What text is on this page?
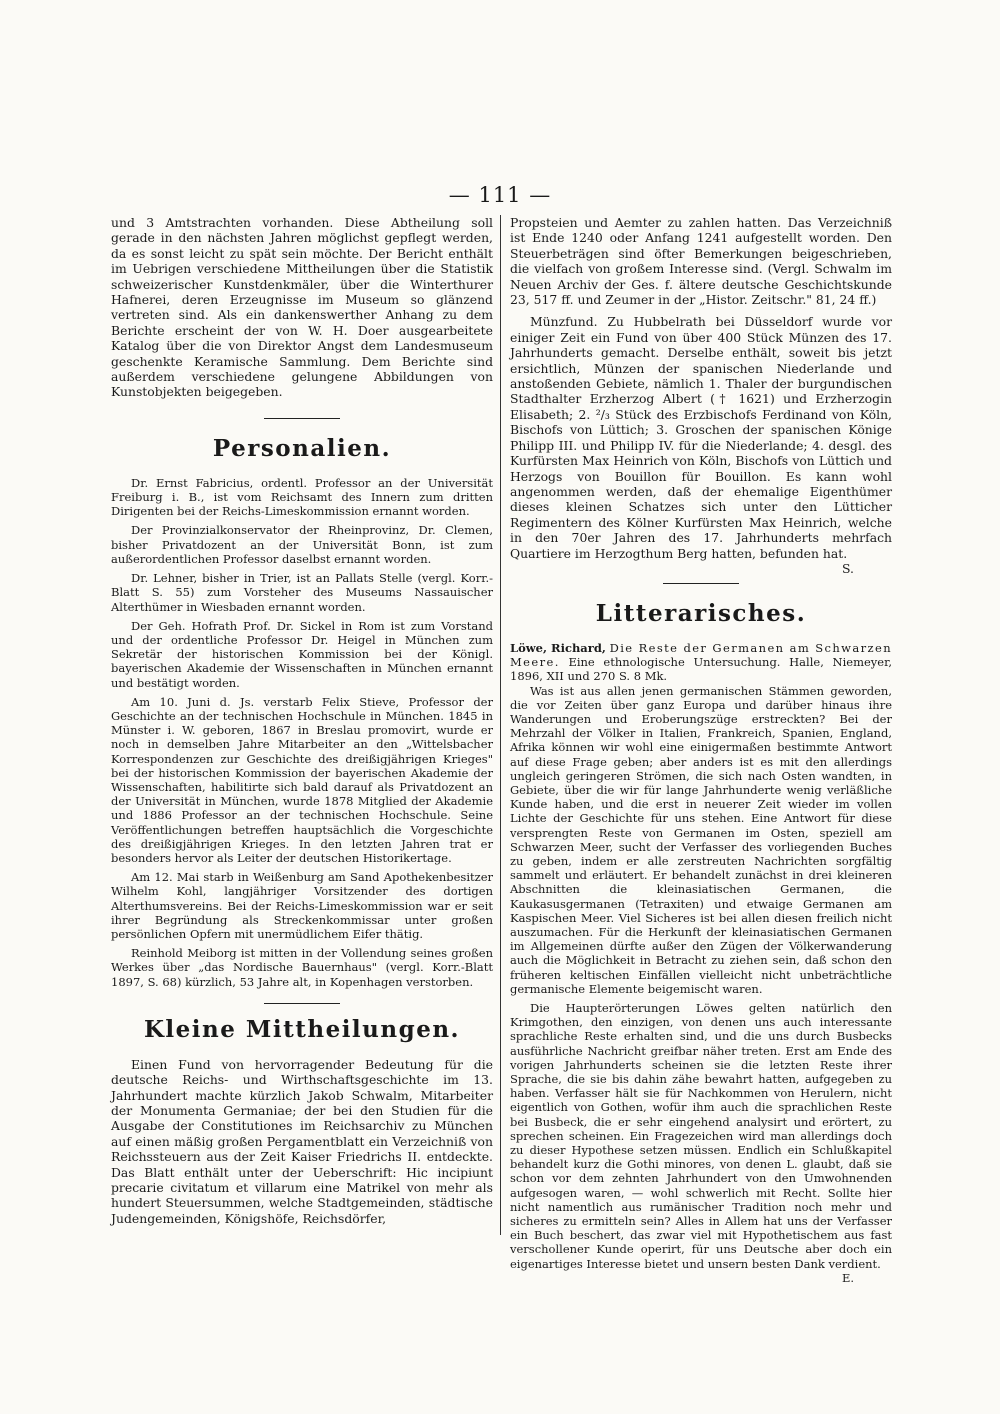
— 111 —

und 3 Amtstrachten vorhanden. Diese Abtheilung soll gerade in den nächsten Jahren möglichst gepflegt werden, da es sonst leicht zu spät sein möchte. Der Bericht enthält im Uebrigen verschiedene Mittheilungen über die Statistik schweizerischer Kunstdenkmäler, über die Winterthurer Hafnerei, deren Erzeugnisse im Museum so glänzend vertreten sind. Als ein dankenswerther Anhang zu dem Berichte erscheint der von W. H. Doer ausgearbeitete Katalog über die von Direktor Angst dem Landesmuseum geschenkte Keramische Sammlung. Dem Berichte sind außerdem verschiedene gelungene Abbildungen von Kunstobjekten beigegeben.

Personalien.

Dr. Ernst Fabricius, ordentl. Professor an der Universität Freiburg i. B., ist vom Reichsamt des Innern zum dritten Dirigenten bei der Reichs-Limeskommission ernannt worden.

Der Provinzialkonservator der Rheinprovinz, Dr. Clemen, bisher Privatdozent an der Universität Bonn, ist zum außerordentlichen Professor daselbst ernannt worden.

Dr. Lehner, bisher in Trier, ist an Pallats Stelle (vergl. Korr.-Blatt S. 55) zum Vorsteher des Museums Nassauischer Alterthümer in Wiesbaden ernannt worden.

Der Geh. Hofrath Prof. Dr. Sickel in Rom ist zum Vorstand und der ordentliche Professor Dr. Heigel in München zum Sekretär der historischen Kommission bei der Königl. bayerischen Akademie der Wissenschaften in München ernannt und bestätigt worden.

Am 10. Juni d. Js. verstarb Felix Stieve, Professor der Geschichte an der technischen Hochschule in München. 1845 in Münster i. W. geboren, 1867 in Breslau promovirt, wurde er noch in demselben Jahre Mitarbeiter an den „Wittelsbacher Korrespondenzen zur Geschichte des dreißigjährigen Krieges" bei der historischen Kommission der bayerischen Akademie der Wissenschaften, habilitirte sich bald darauf als Privatdozent an der Universität in München, wurde 1878 Mitglied der Akademie und 1886 Professor an der technischen Hochschule. Seine Veröffentlichungen betreffen hauptsächlich die Vorgeschichte des dreißigjährigen Krieges. In den letzten Jahren trat er besonders hervor als Leiter der deutschen Historikertage.

Am 12. Mai starb in Weißenburg am Sand Apothekenbesitzer Wilhelm Kohl, langjähriger Vorsitzender des dortigen Alterthumsvereins. Bei der Reichs-Limeskommission war er seit ihrer Begründung als Streckenkommissar unter großen persönlichen Opfern mit unermüdlichem Eifer thätig.

Reinhold Meiborg ist mitten in der Vollendung seines großen Werkes über „das Nordische Bauernhaus" (vergl. Korr.-Blatt 1897, S. 68) kürzlich, 53 Jahre alt, in Kopenhagen verstorben.

Kleine Mittheilungen.

Einen Fund von hervorragender Bedeutung für die deutsche Reichs- und Wirthschaftsgeschichte im 13. Jahrhundert machte kürzlich Jakob Schwalm, Mitarbeiter der Monumenta Germaniae; der bei den Studien für die Ausgabe der Constitutiones im Reichsarchiv zu München auf einen mäßig großen Pergamentblatt ein Verzeichniß von Reichssteuern aus der Zeit Kaiser Friedrichs II. entdeckte. Das Blatt enthält unter der Ueberschrift: Hic incipiunt precarie civitatum et villarum eine Matrikel von mehr als hundert Steuersummen, welche Stadtgemeinden, städtische Judengemeinden, Königshöfe, Reichsdörfer,

Propsteien und Aemter zu zahlen hatten. Das Verzeichniß ist Ende 1240 oder Anfang 1241 aufgestellt worden. Den Steuerbeträgen sind öfter Bemerkungen beigeschrieben, die vielfach von großem Interesse sind. (Vergl. Schwalm im Neuen Archiv der Ges. f. ältere deutsche Geschichtskunde 23, 517 ff. und Zeumer in der „Histor. Zeitschr." 81, 24 ff.)

Münzfund. Zu Hubbelrath bei Düsseldorf wurde vor einiger Zeit ein Fund von über 400 Stück Münzen des 17. Jahrhunderts gemacht. Derselbe enthält, soweit bis jetzt ersichtlich, Münzen der spanischen Niederlande und anstoßenden Gebiete, nämlich 1. Thaler der burgundischen Stadthalter Erzherzog Albert († 1621) und Erzherzogin Elisabeth; 2. ²/₃ Stück des Erzbischofs Ferdinand von Köln, Bischofs von Lüttich; 3. Groschen der spanischen Könige Philipp III. und Philipp IV. für die Niederlande; 4. desgl. des Kurfürsten Max Heinrich von Köln, Bischofs von Lüttich und Herzogs von Bouillon für Bouillon. Es kann wohl angenommen werden, daß der ehemalige Eigenthümer dieses kleinen Schatzes sich unter den Lütticher Regimentern des Kölner Kurfürsten Max Heinrich, welche in den 70er Jahren des 17. Jahrhunderts mehrfach Quartiere im Herzogthum Berg hatten, befunden hat.
S.

Litterarisches.

Löwe, Richard, Die Reste der Germanen am Schwarzen Meere. Eine ethnologische Untersuchung. Halle, Niemeyer, 1896, XII und 270 S. 8 Mk.

Was ist aus allen jenen germanischen Stämmen geworden, die vor Zeiten über ganz Europa und darüber hinaus ihre Wanderungen und Eroberungszüge erstreckten? Bei der Mehrzahl der Völker in Italien, Frankreich, Spanien, England, Afrika können wir wohl eine einigermaßen bestimmte Antwort auf diese Frage geben; aber anders ist es mit den allerdings ungleich geringeren Strömen, die sich nach Osten wandten, in Gebiete, über die wir für lange Jahrhunderte wenig verläßliche Kunde haben, und die erst in neuerer Zeit wieder im vollen Lichte der Geschichte für uns stehen. Eine Antwort für diese versprengten Reste von Germanen im Osten, speziell am Schwarzen Meer, sucht der Verfasser des vorliegenden Buches zu geben, indem er alle zerstreuten Nachrichten sorgfältig sammelt und erläutert. Er behandelt zunächst in drei kleineren Abschnitten die kleinasiatischen Germanen, die Kaukasusgermanen (Tetraxiten) und etwaige Germanen am Kaspischen Meer. Viel Sicheres ist bei allen diesen freilich nicht auszumachen. Für die Herkunft der kleinasiatischen Germanen im Allgemeinen dürfte außer den Zügen der Völkerwanderung auch die Möglichkeit in Betracht zu ziehen sein, daß schon den früheren keltischen Einfällen vielleicht nicht unbeträchtliche germanische Elemente beigemischt waren.

Die Haupterörterungen Löwes gelten natürlich den Krimgothen, den einzigen, von denen uns auch interessante sprachliche Reste erhalten sind, und die uns durch Busbecks ausführliche Nachricht greifbar näher treten. Erst am Ende des vorigen Jahrhunderts scheinen sie die letzten Reste ihrer Sprache, die sie bis dahin zähe bewahrt hatten, aufgegeben zu haben. Verfasser hält sie für Nachkommen von Herulern, nicht eigentlich von Gothen, wofür ihm auch die sprachlichen Reste bei Busbeck, die er sehr eingehend analysirt und erörtert, zu sprechen scheinen. Ein Fragezeichen wird man allerdings doch zu dieser Hypothese setzen müssen. Endlich ein Schlußkapitel behandelt kurz die Gothi minores, von denen L. glaubt, daß sie schon vor dem zehnten Jahrhundert von den Umwohnenden aufgesogen waren, — wohl schwerlich mit Recht. Sollte hier nicht namentlich aus rumänischer Tradition noch mehr und sicheres zu ermitteln sein? Alles in Allem hat uns der Verfasser ein Buch beschert, das zwar viel mit Hypothetischem aus fast verschollener Kunde operirt, für uns Deutsche aber doch ein eigenartiges Interesse bietet und unsern besten Dank verdient.
E.
